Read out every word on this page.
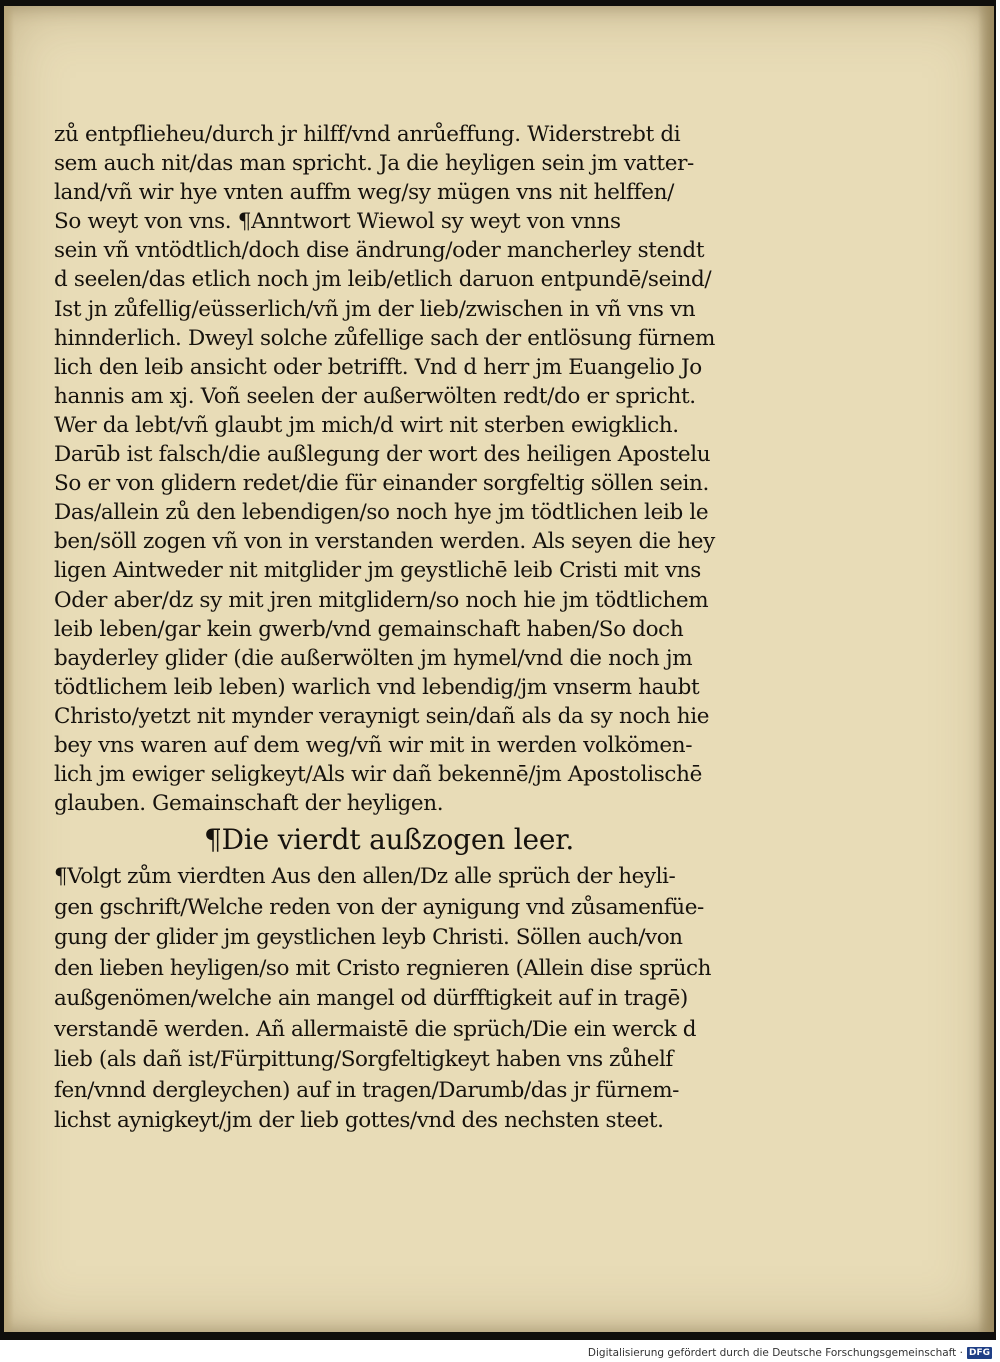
zů entpflieheu/durch jr hilff/vnd anrůeffung. Widerstrebt di
sem auch nit/das man spricht. Ja die heyligen sein jm vatter-
land/vñ wir hye vnten auffm weg/sy mügen vns nit helffen/
So weyt von vns. ¶Anntwort Wiewol sy weyt von vnns
sein vñ vntödtlich/doch dise ändrung/oder mancherley stendt
d seelen/das etlich noch jm leib/etlich daruon entpundē/seind/
Ist jn zůfellig/eüsserlich/vñ jm der lieb/zwischen in vñ vns vn
hinnderlich. Dweyl solche zůfellige sach der entlösung fürnem
lich den leib ansicht oder betrifft. Vnd d herr jm Euangelio Jo
hannis am xj. Voñ seelen der außerwölten redt/do er spricht.
Wer da lebt/vñ glaubt jm mich/d wirt nit sterben ewigklich.
Darūb ist falsch/die außlegung der wort des heiligen Apostelu
So er von glidern redet/die für einander sorgfeltig söllen sein.
Das/allein zů den lebendigen/so noch hye jm tödtlichen leib le
ben/söll zogen vñ von in verstanden werden. Als seyen die hey
ligen Aintweder nit mitglider jm geystlichē leib Cristi mit vns
Oder aber/dz sy mit jren mitglidern/so noch hie jm tödtlichem
leib leben/gar kein gwerb/vnd gemainschaft haben/So doch
bayderley glider (die außerwölten jm hymel/vnd die noch jm
tödtlichem leib leben) warlich vnd lebendig/jm vnserm haubt
Christo/yetzt nit mynder veraynigt sein/dañ als da sy noch hie
bey vns waren auf dem weg/vñ wir mit in werden volkömen-
lich jm ewiger seligkeyt/Als wir dañ bekennē/jm Apostolischē
glauben. Gemainschaft der heyligen.
¶Die vierdt außzogen leer.
¶Volgt zům vierdten Aus den allen/Dz alle sprüch der heyli-
gen gschrift/Welche reden von der aynigung vnd zůsamenfüe-
gung der glider jm geystlichen leyb Christi. Söllen auch/von
den lieben heyligen/so mit Cristo regnieren (Allein dise sprüch
außgenömen/welche ain mangel od dürfftigkeit auf in tragē)
verstandē werden. Añ allermaistē die sprüch/Die ein werck d
lieb (als dañ ist/Fürpittung/Sorgfeltigkeyt haben vns zůhelf
fen/vnnd dergleychen) auf in tragen/Darumb/das jr fürnem-
lichst aynigkeyt/jm der lieb gottes/vnd des nechsten steet.
Digitalisierung gefördert durch die Deutsche Forschungsgemeinschaft · DFG
